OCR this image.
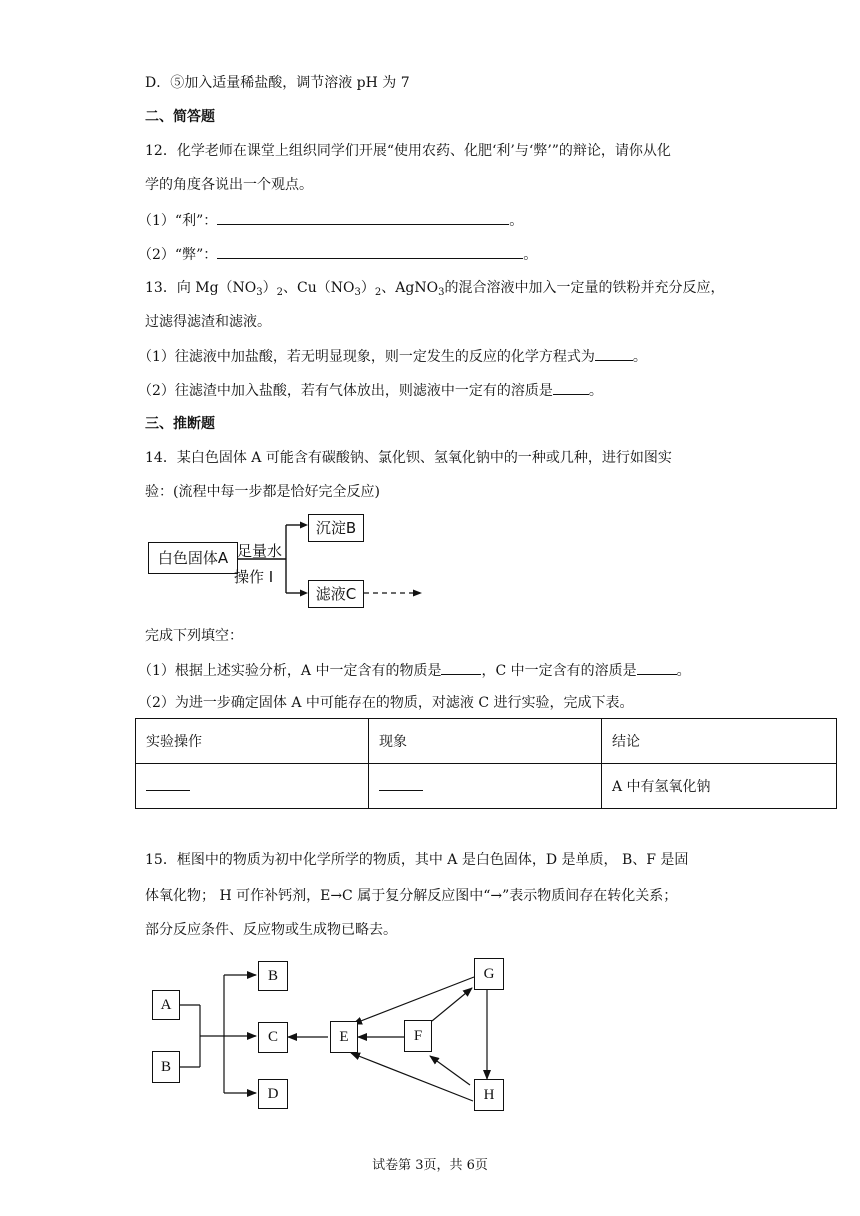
D．⑤加入适量稀盐酸，调节溶液 pH 为 7
二、简答题
12．化学老师在课堂上组织同学们开展“使用农药、化肥‘利’与‘弊’”的辩论，请你从化
学的角度各说出一个观点。
（1）“利”：	。
（2）“弊”：	。
13．向 $Mg(NO_3)_2$、$Cu(NO_3)_2$、AgNO$_3$的混合溶液中加入一定量的铁粉并充分反应，
过滤得滤渣和滤液。
（1）往滤液中加盐酸，若无明显现象，则一定发生的反应的化学方程式为	。
（2）往滤渣中加入盐酸，若有气体放出，则滤液中一定有的溶质是	。
三、推断题
14．某白色固体 A 可能含有碳酸钠、氯化钡、氢氧化钠中的一种或几种，进行如图实
验：(流程中每一步都是恰好完全反应)
白色固体A 足量水
操作 I
沉淀B
滤液C
完成下列填空：
（1）根据上述实验分析，A 中一定含有的物质是	，C 中一定含有的溶质是	。
（2）为进一步确定固体 A 中可能存在的物质，对滤液 C 进行实验，完成下表。
实验操作	现象	结论
		A 中有氢氧化钠
15．框图中的物质为初中化学所学的物质，其中 A 是白色固体，D 是单质， B、F 是固
体氧化物； H 可作补钙剂，E→C 属于复分解反应图中“→”表示物质间存在转化关系；
部分反应条件、反应物或生成物已略去。
A
B
B
C
D
E	F
G
H
试卷第 3页，共 6页
